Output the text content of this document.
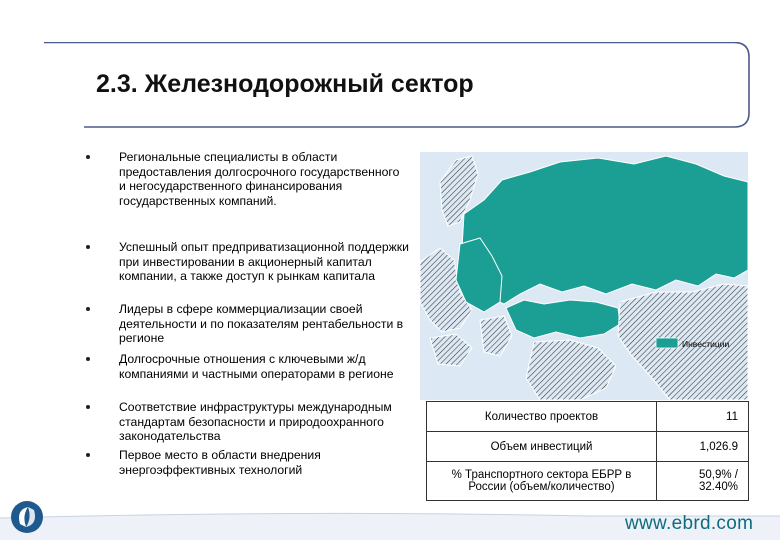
2.3. Железнодорожный сектор
Региональные специалисты в области предоставления долгосрочного государственного и негосударственного финансирования государственных компаний.
Успешный опыт предприватизационной поддержки при инвестировании в акционерный капитал компании, а также доступ к рынкам капитала
Лидеры в сфере коммерциализации своей деятельности и по показателям рентабельности в регионе
Долгосрочные отношения с ключевыми ж/д компаниями и частными операторами в регионе
Соответствие инфраструктуры международным стандартам безопасности и природоохранного законодательства
Первое место в области внедрения энергоэффективных технологий
Инвестиции
Количество проектов	11
Объем инвестиций	1,026.9
% Транспортного сектора ЕБРР в России (объем/количество)	50,9% / 32.40%
www.ebrd.com
